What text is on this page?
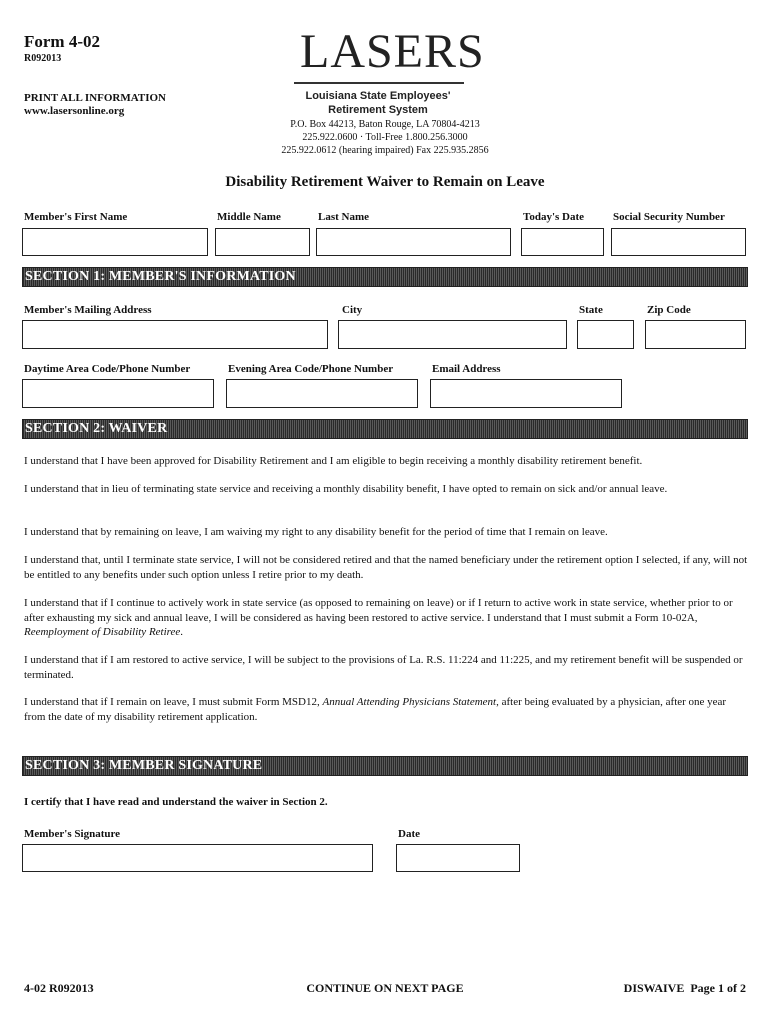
Form 4-02
R092013
PRINT ALL INFORMATION
www.lasersonline.org
LASERS
Louisiana State Employees'
Retirement System
P.O. Box 44213, Baton Rouge, LA 70804-4213
225.922.0600 · Toll-Free 1.800.256.3000
225.922.0612 (hearing impaired) Fax 225.935.2856
Disability Retirement Waiver to Remain on Leave
Member's First Name	Middle Name	Last Name	Today's Date	Social Security Number
SECTION 1: MEMBER'S INFORMATION
Member's Mailing Address	City	State	Zip Code
Daytime Area Code/Phone Number	Evening Area Code/Phone Number	Email Address
SECTION 2: WAIVER

I understand that I have been approved for Disability Retirement and I am eligible to begin receiving a monthly disability retirement benefit.

I understand that in lieu of terminating state service and receiving a monthly disability benefit, I have opted to remain on sick and/or annual leave.

I understand that by remaining on leave, I am waiving my right to any disability benefit for the period of time that I remain on leave.

I understand that, until I terminate state service, I will not be considered retired and that the named beneficiary under the retirement option I selected, if any, will not be entitled to any benefits under such option unless I retire prior to my death.

I understand that if I continue to actively work in state service (as opposed to remaining on leave) or if I return to active work in state service, whether prior to or after exhausting my sick and annual leave, I will be considered as having been restored to active service. I understand that I must submit a Form 10-02A, Reemployment of Disability Retiree.

I understand that if I am restored to active service, I will be subject to the provisions of La. R.S. 11:224 and 11:225, and my retirement benefit will be suspended or terminated.

I understand that if I remain on leave, I must submit Form MSD12, Annual Attending Physicians Statement, after being evaluated by a physician, after one year from the date of my disability retirement application.

SECTION 3: MEMBER SIGNATURE
I certify that I have read and understand the waiver in Section 2.
Member's Signature	Date
4-02 R092013	CONTINUE ON NEXT PAGE	DISWAIVE  Page 1 of 2
